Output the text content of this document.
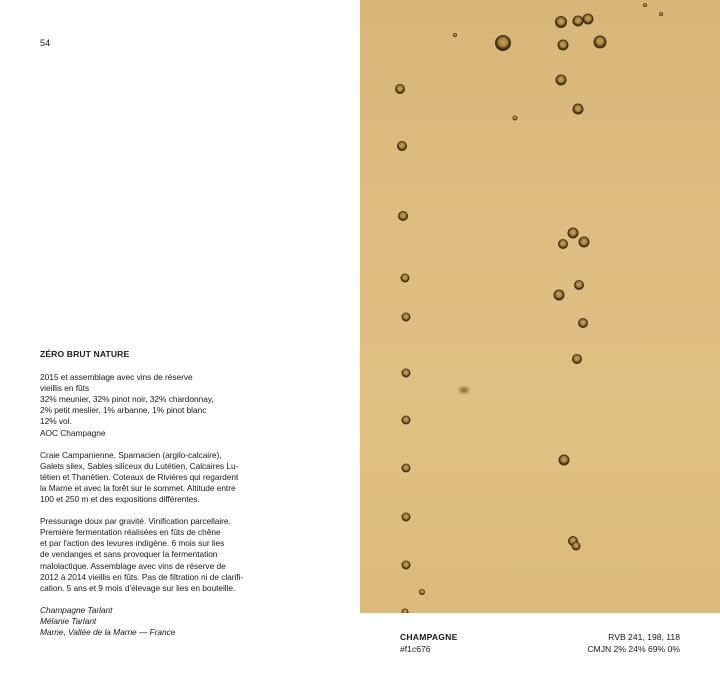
54
ZÉRO BRUT NATURE
2015 et assemblage avec vins de réserve
vieillis en fûts
32% meunier, 32% pinot noir, 32% chardonnay,
2% petit meslier, 1% arbanne, 1% pinot blanc
12% vol.
AOC Champagne
Craie Campanienne, Sparnacien (argilo-calcaire),
Galets silex, Sables siliceux du Lutétien, Calcaires Lu-
tétien et Thanétien. Coteaux de Rivières qui regardent
la Marne et avec la forêt sur le sommet. Altitude entre
100 et 250 m et des expositions différentes.
Pressurage doux par gravité. Vinification parcellaire.
Première fermentation réalisées en fûts de chêne
et par l'action des levures indigène. 6 mois sur lies
de vendanges et sans provoquer la fermentation
malolactique. Assemblage avec vins de réserve de
2012 à 2014 vieillis en fûts. Pas de filtration ni de clarifi-
cation. 5 ans et 9 mois d'élevage sur lies en bouteille.
Champagne Tarlant
Mélanie Tarlant
Marne, Vallée de la Marne — France
CHAMPAGNE
#f1c676
RVB 241, 198, 118
CMJN 2% 24% 69% 0%
